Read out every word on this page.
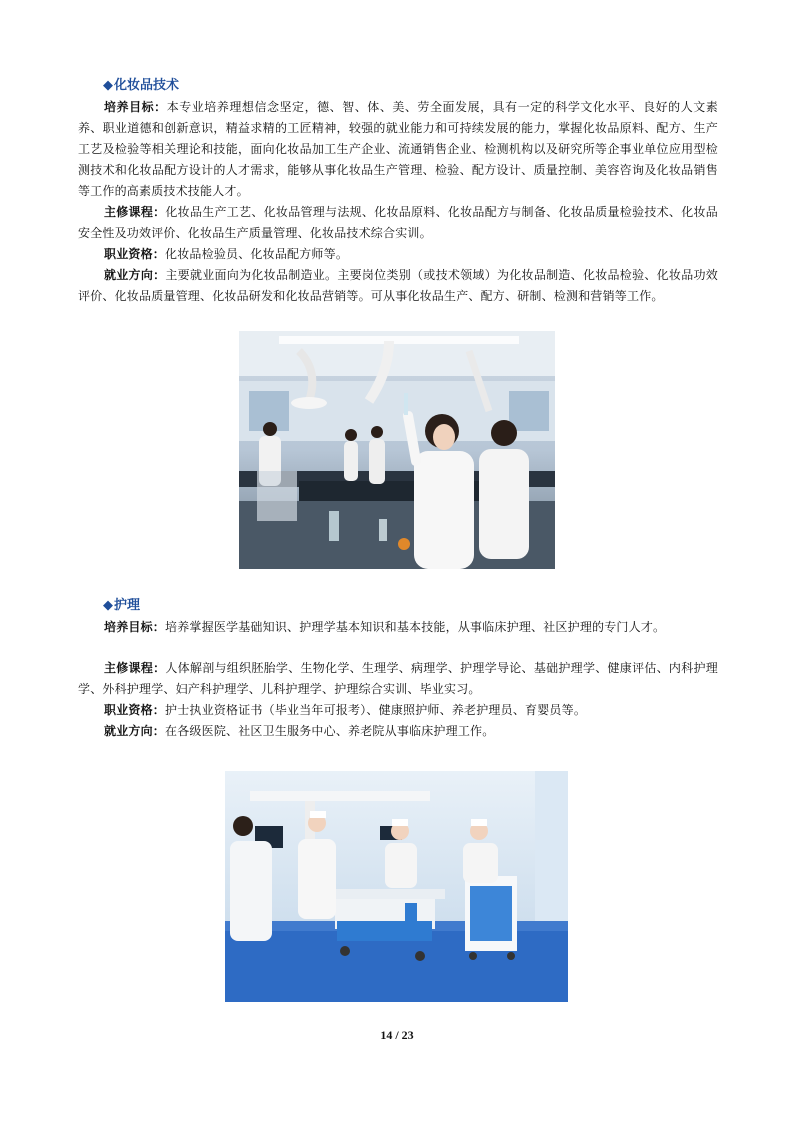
◆化妆品技术
培养目标：本专业培养理想信念坚定，德、智、体、美、劳全面发展，具有一定的科学文化水平、良好的人文素养、职业道德和创新意识，精益求精的工匠精神，较强的就业能力和可持续发展的能力，掌握化妆品原料、配方、生产工艺及检验等相关理论和技能，面向化妆品加工生产企业、流通销售企业、检测机构以及研究所等企事业单位应用型检测技术和化妆品配方设计的人才需求，能够从事化妆品生产管理、检验、配方设计、质量控制、美容咨询及化妆品销售等工作的高素质技术技能人才。
主修课程：化妆品生产工艺、化妆品管理与法规、化妆品原料、化妆品配方与制备、化妆品质量检验技术、化妆品安全性及功效评价、化妆品生产质量管理、化妆品技术综合实训。
职业资格：化妆品检验员、化妆品配方师等。
就业方向：主要就业面向为化妆品制造业。主要岗位类别（或技术领域）为化妆品制造、化妆品检验、化妆品功效评价、化妆品质量管理、化妆品研发和化妆品营销等。可从事化妆品生产、配方、研制、检测和营销等工作。
◆护理
培养目标：培养掌握医学基础知识、护理学基本知识和基本技能，从事临床护理、社区护理的专门人才。
主修课程：人体解剖与组织胚胎学、生物化学、生理学、病理学、护理学导论、基础护理学、健康评估、内科护理学、外科护理学、妇产科护理学、儿科护理学、护理综合实训、毕业实习。
职业资格：护士执业资格证书（毕业当年可报考）、健康照护师、养老护理员、育婴员等。
就业方向：在各级医院、社区卫生服务中心、养老院从事临床护理工作。
14 / 23
